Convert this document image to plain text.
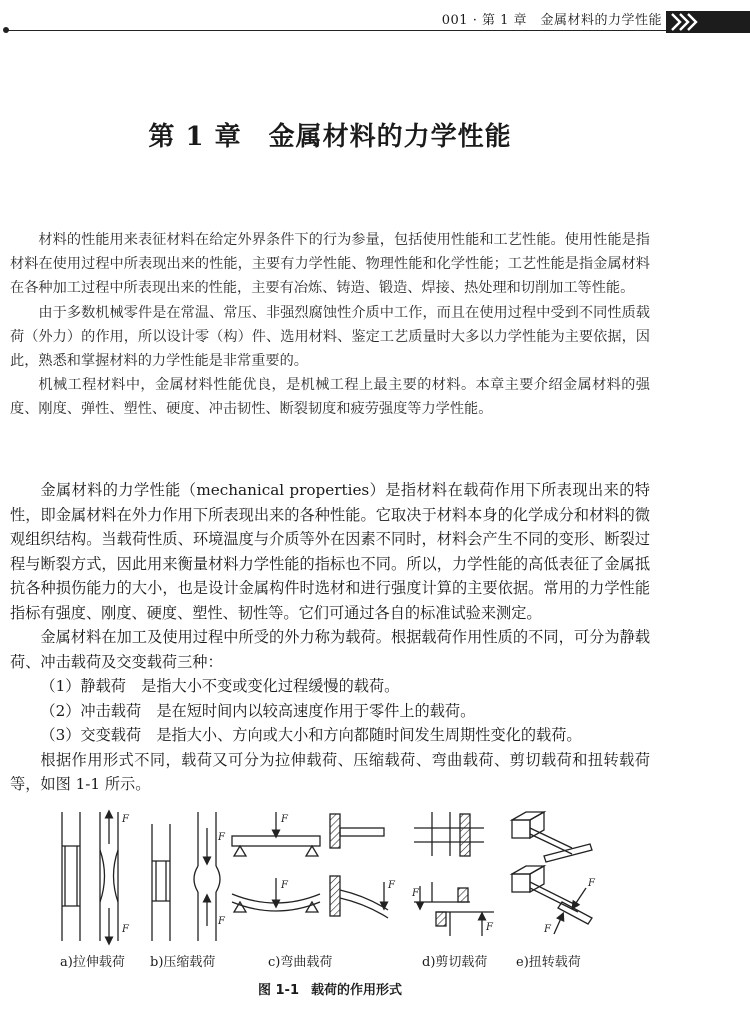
001 · 第 1 章　金属材料的力学性能
第 1 章　金属材料的力学性能

材料的性能用来表征材料在给定外界条件下的行为参量，包括使用性能和工艺性能。使用性能是指材料在使用过程中所表现出来的性能，主要有力学性能、物理性能和化学性能；工艺性能是指金属材料在各种加工过程中所表现出来的性能，主要有冶炼、铸造、锻造、焊接、热处理和切削加工等性能。

由于多数机械零件是在常温、常压、非强烈腐蚀性介质中工作，而且在使用过程中受到不同性质载荷（外力）的作用，所以设计零（构）件、选用材料、鉴定工艺质量时大多以力学性能为主要依据，因此，熟悉和掌握材料的力学性能是非常重要的。

机械工程材料中，金属材料性能优良，是机械工程上最主要的材料。本章主要介绍金属材料的强度、刚度、弹性、塑性、硬度、冲击韧性、断裂韧度和疲劳强度等力学性能。

金属材料的力学性能（mechanical properties）是指材料在载荷作用下所表现出来的特性，即金属材料在外力作用下所表现出来的各种性能。它取决于材料本身的化学成分和材料的微观组织结构。当载荷性质、环境温度与介质等外在因素不同时，材料会产生不同的变形、断裂过程与断裂方式，因此用来衡量材料力学性能的指标也不同。所以，力学性能的高低表征了金属抵抗各种损伤能力的大小，也是设计金属构件时选材和进行强度计算的主要依据。常用的力学性能指标有强度、刚度、硬度、塑性、韧性等。它们可通过各自的标准试验来测定。

金属材料在加工及使用过程中所受的外力称为载荷。根据载荷作用性质的不同，可分为静载荷、冲击载荷及交变载荷三种：

（1）静载荷　是指大小不变或变化过程缓慢的载荷。

（2）冲击载荷　是在短时间内以较高速度作用于零件上的载荷。

（3）交变载荷　是指大小、方向或大小和方向都随时间发生周期性变化的载荷。

根据作用形式不同，载荷又可分为拉伸载荷、压缩载荷、弯曲载荷、剪切载荷和扭转载荷等，如图 1-1 所示。

F
F
F
F
F
F	F
F
F
F
F
a)拉伸载荷 b)压缩载荷	c)弯曲载荷	d)剪切载荷 e)扭转载荷
图 1-1 载荷的作用形式
